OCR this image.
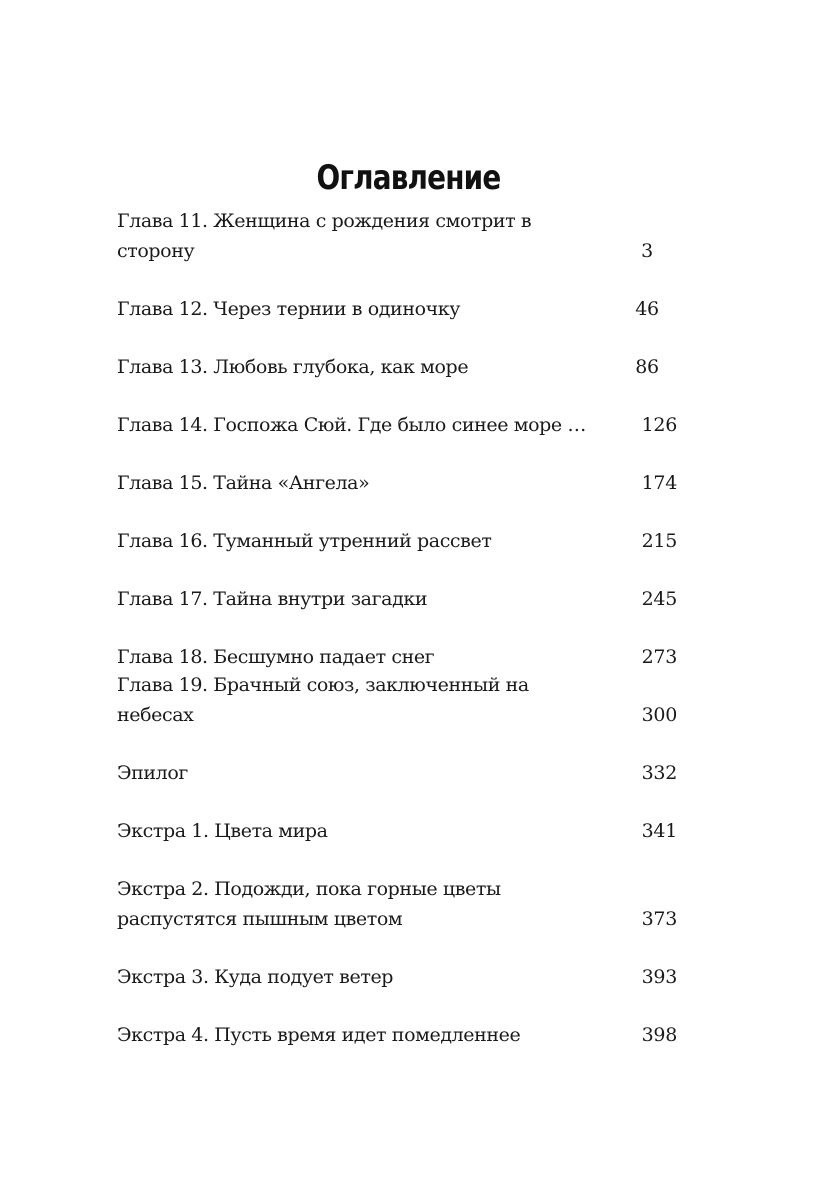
Оглавление
Глава 11. Женщина с рождения смотрит в сторону	3
Глава 12. Через тернии в одиночку	46
Глава 13. Любовь глубока, как море	86
Глава 14. Госпожа Сюй. Где было синее море …	126
Глава 15. Тайна «Ангела»	174
Глава 16. Туманный утренний рассвет	215
Глава 17. Тайна внутри загадки	245
Глава 18. Бесшумно падает снег	273
Глава 19. Брачный союз, заключенный на небесах	300
Эпилог	332
Экстра 1. Цвета мира	341
Экстра 2. Подожди, пока горные цветы распустятся пышным цветом	373
Экстра 3. Куда подует ветер	393
Экстра 4. Пусть время идет помедленнее	398
